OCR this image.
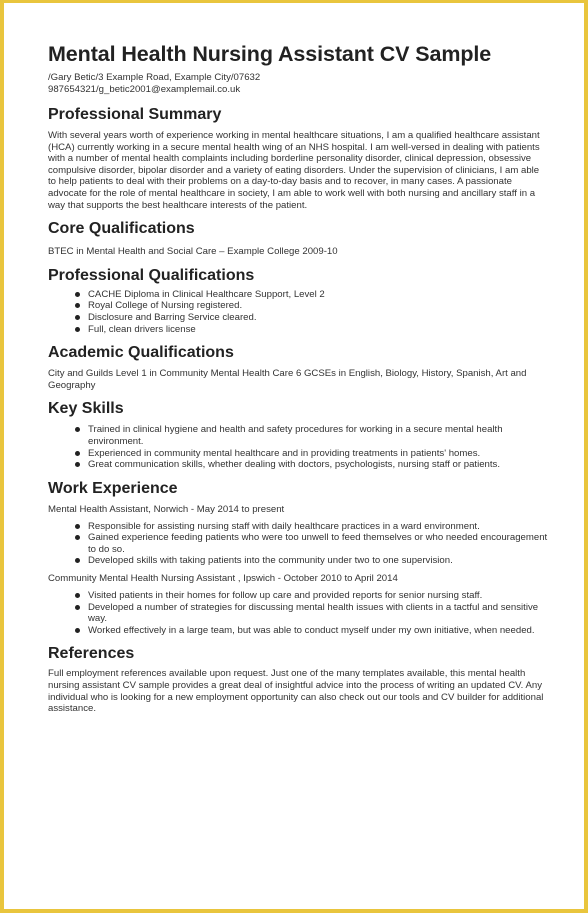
Mental Health Nursing Assistant CV Sample
/Gary Betic/3 Example Road, Example City/07632
987654321/g_betic2001@examplemail.co.uk
Professional Summary

With several years worth of experience working in mental healthcare situations, I am a qualified healthcare assistant (HCA) currently working in a secure mental health wing of an NHS hospital. I am well-versed in dealing with patients with a number of mental health complaints including borderline personality disorder, clinical depression, obsessive compulsive disorder, bipolar disorder and a variety of eating disorders. Under the supervision of clinicians, I am able to help patients to deal with their problems on a day-to-day basis and to recover, in many cases. A passionate advocate for the role of mental healthcare in society, I am able to work well with both nursing and ancillary staff in a way that supports the best healthcare interests of the patient.

Core Qualifications

BTEC in Mental Health and Social Care – Example College 2009-10

Professional Qualifications
CACHE Diploma in Clinical Healthcare Support, Level 2
Royal College of Nursing registered.
Disclosure and Barring Service cleared.
Full, clean drivers license
Academic Qualifications

City and Guilds Level 1 in Community Mental Health Care 6 GCSEs in English, Biology, History, Spanish, Art and Geography

Key Skills
Trained in clinical hygiene and health and safety procedures for working in a secure mental health environment.
Experienced in community mental healthcare and in providing treatments in patients' homes.
Great communication skills, whether dealing with doctors, psychologists, nursing staff or patients.
Work Experience
Mental Health Assistant, Norwich - May 2014 to present
Responsible for assisting nursing staff with daily healthcare practices in a ward environment.
Gained experience feeding patients who were too unwell to feed themselves or who needed encouragement to do so.
Developed skills with taking patients into the community under two to one supervision.
Community Mental Health Nursing Assistant , Ipswich - October 2010 to April 2014
Visited patients in their homes for follow up care and provided reports for senior nursing staff.
Developed a number of strategies for discussing mental health issues with clients in a tactful and sensitive way.
Worked effectively in a large team, but was able to conduct myself under my own initiative, when needed.
References

Full employment references available upon request. Just one of the many templates available, this mental health nursing assistant CV sample provides a great deal of insightful advice into the process of writing an updated CV. Any individual who is looking for a new employment opportunity can also check out our tools and CV builder for additional assistance.
